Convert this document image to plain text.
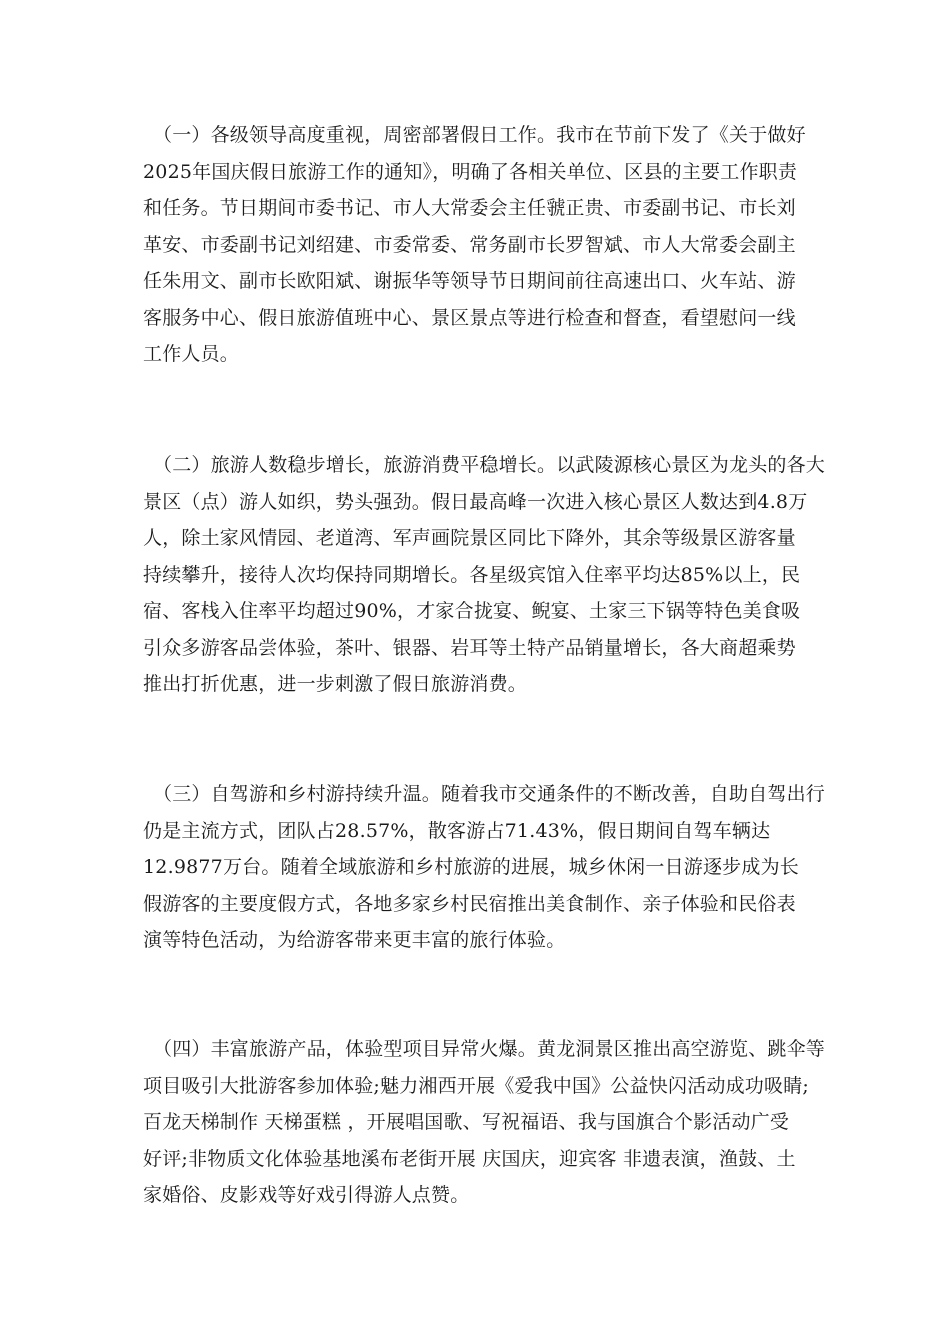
（一）各级领导高度重视，周密部署假日工作。我市在节前下发了《关于做好
2025年国庆假日旅游工作的通知》，明确了各相关单位、区县的主要工作职责
和任务。节日期间市委书记、市人大常委会主任虢正贵、市委副书记、市长刘
革安、市委副书记刘绍建、市委常委、常务副市长罗智斌、市人大常委会副主
任朱用文、副市长欧阳斌、谢振华等领导节日期间前往高速出口、火车站、游
客服务中心、假日旅游值班中心、景区景点等进行检查和督查，看望慰问一线
工作人员。
（二）旅游人数稳步增长，旅游消费平稳增长。以武陵源核心景区为龙头的各大
景区（点）游人如织，势头强劲。假日最高峰一次进入核心景区人数达到4.8万
人，除土家风情园、老道湾、军声画院景区同比下降外，其余等级景区游客量
持续攀升，接待人次均保持同期增长。各星级宾馆入住率平均达85%以上，民
宿、客栈入住率平均超过90%，才家合拢宴、鲵宴、土家三下锅等特色美食吸
引众多游客品尝体验，茶叶、银器、岩耳等土特产品销量增长，各大商超乘势
推出打折优惠，进一步刺激了假日旅游消费。
（三）自驾游和乡村游持续升温。随着我市交通条件的不断改善，自助自驾出行
仍是主流方式，团队占28.57%，散客游占71.43%，假日期间自驾车辆达
12.9877万台。随着全域旅游和乡村旅游的进展，城乡休闲一日游逐步成为长
假游客的主要度假方式，各地多家乡村民宿推出美食制作、亲子体验和民俗表
演等特色活动，为给游客带来更丰富的旅行体验。
（四）丰富旅游产品，体验型项目异常火爆。黄龙洞景区推出高空游览、跳伞等
项目吸引大批游客参加体验;魅力湘西开展《爱我中国》公益快闪活动成功吸睛;
百龙天梯制作 天梯蛋糕 ，开展唱国歌、写祝福语、我与国旗合个影活动广受
好评;非物质文化体验基地溪布老街开展 庆国庆，迎宾客 非遗表演，渔鼓、土
家婚俗、皮影戏等好戏引得游人点赞。
